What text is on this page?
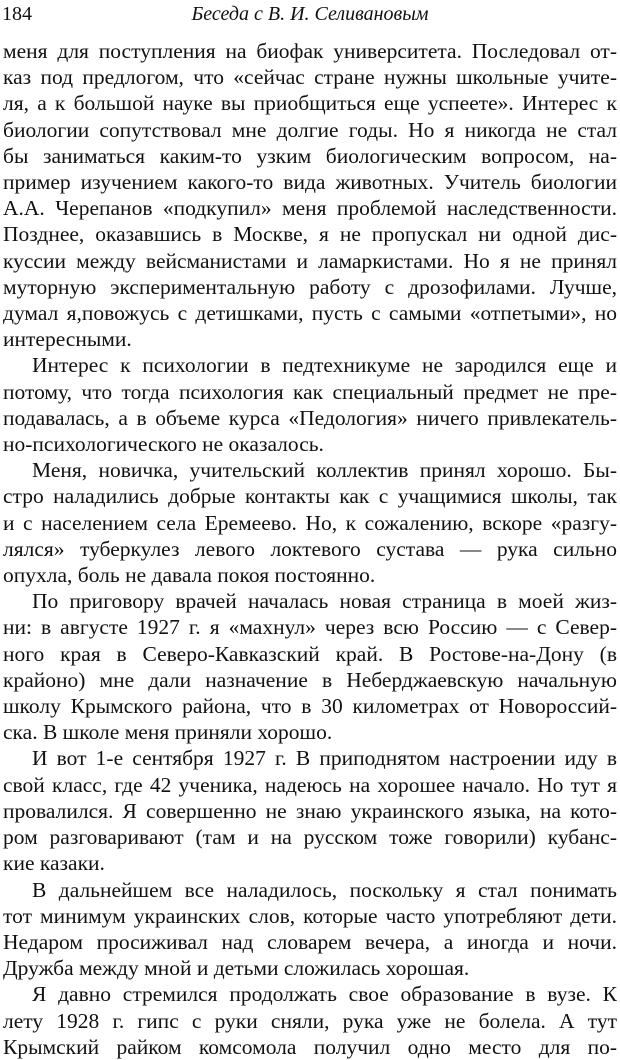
184	Беседа с В. И. Селивановым

меня для поступления на биофак университета. Последовал от-
каз под предлогом, что «сейчас стране нужны школьные учите-
ля, а к большой науке вы приобщиться еще успеете». Интерес к
биологии сопутствовал мне долгие годы. Но я никогда не стал
бы заниматься каким-то узким биологическим вопросом, на-
пример изучением какого-то вида животных. Учитель биологии
А.А. Черепанов «подкупил» меня проблемой наследственности.
Позднее, оказавшись в Москве, я не пропускал ни одной дис-
куссии между вейсманистами и ламаркистами. Но я не принял
муторную экспериментальную работу с дрозофилами. Лучше,
думал я,повожусь с детишками, пусть с самыми «отпетыми», но
интересными.

Интерес к психологии в педтехникуме не зародился еще и
потому, что тогда психология как специальный предмет не пре-
подавалась, а в объеме курса «Педология» ничего привлекатель-
но-психологического не оказалось.

Меня, новичка, учительский коллектив принял хорошо. Бы-
стро наладились добрые контакты как с учащимися школы, так
и с населением села Еремеево. Но, к сожалению, вскоре «разгу-
лялся» туберкулез левого локтевого сустава — рука сильно
опухла, боль не давала покоя постоянно.

По приговору врачей началась новая страница в моей жиз-
ни: в августе 1927 г. я «махнул» через всю Россию — с Север-
ного края в Северо-Кавказский край. В Ростове-на-Дону (в
крайоно) мне дали назначение в Неберджаевскую начальную
школу Крымского района, что в 30 километрах от Новороссий-
ска. В школе меня приняли хорошо.

И вот 1-е сентября 1927 г. В приподнятом настроении иду в
свой класс, где 42 ученика, надеюсь на хорошее начало. Но тут я
провалился. Я совершенно не знаю украинского языка, на кото-
ром разговаривают (там и на русском тоже говорили) кубанс-
кие казаки.

В дальнейшем все наладилось, поскольку я стал понимать
тот минимум украинских слов, которые часто употребляют дети.
Недаром просиживал над словарем вечера, а иногда и ночи.
Дружба между мной и детьми сложилась хорошая.

Я давно стремился продолжать свое образование в вузе. К
лету 1928 г. гипс с руки сняли, рука уже не болела. А тут
Крымский райком комсомола получил одно место для по-
